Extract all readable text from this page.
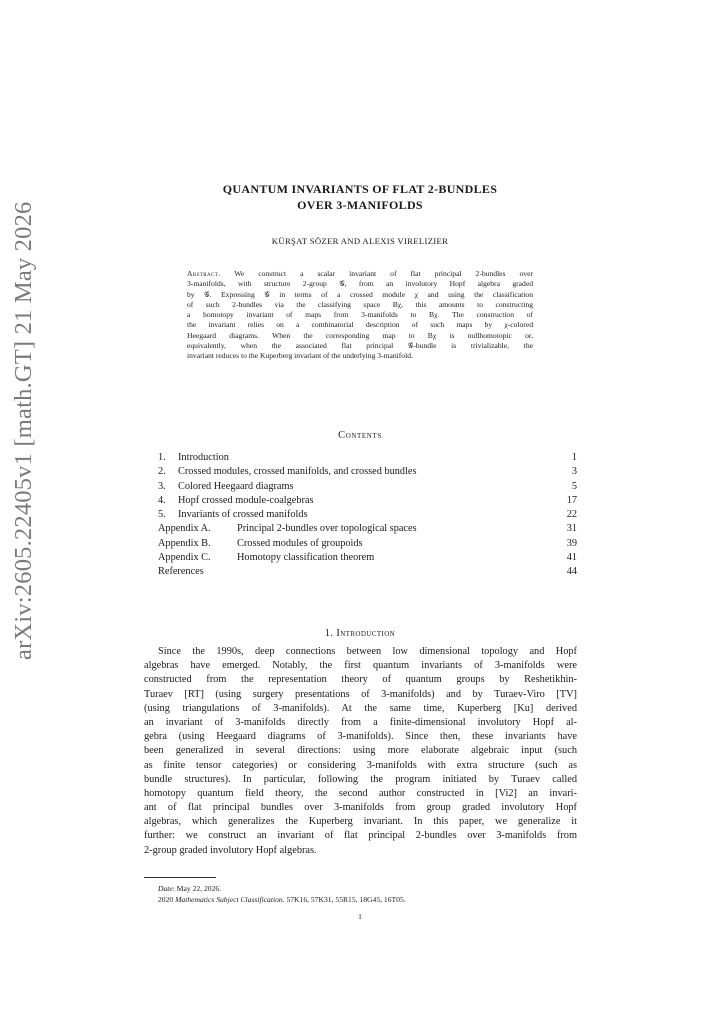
arXiv:2605.22405v1 [math.GT] 21 May 2026
QUANTUM INVARIANTS OF FLAT 2-BUNDLES
OVER 3-MANIFOLDS
KÜRŞAT SÖZER AND ALEXIS VIRELIZIER
Abstract. We construct a scalar invariant of flat principal 2-bundles over
3-manifolds, with structure 2-group 𝒢, from an involutory Hopf algebra graded
by 𝒢. Expressing 𝒢 in terms of a crossed module χ and using the classification
of such 2-bundles via the classifying space Bχ, this amounts to constructing
a homotopy invariant of maps from 3-manifolds to Bχ. The construction of
the invariant relies on a combinatorial description of such maps by χ-colored
Heegaard diagrams. When the corresponding map to Bχ is nullhomotopic or,
equivalently, when the associated flat principal 𝒢-bundle is trivializable, the
invariant reduces to the Kuperberg invariant of the underlying 3-manifold.
Contents
1. Introduction	1
2. Crossed modules, crossed manifolds, and crossed bundles	3
3. Colored Heegaard diagrams	5
4. Hopf crossed module-coalgebras	17
5. Invariants of crossed manifolds	22
Appendix A.	Principal 2-bundles over topological spaces	31
Appendix B.	Crossed modules of groupoids	39
Appendix C.	Homotopy classification theorem	41
References	44
1. Introduction
Since the 1990s, deep connections between low dimensional topology and Hopf
algebras have emerged. Notably, the first quantum invariants of 3-manifolds were
constructed from the representation theory of quantum groups by Reshetikhin-
Turaev [RT] (using surgery presentations of 3-manifolds) and by Turaev-Viro [TV]
(using triangulations of 3-manifolds). At the same time, Kuperberg [Ku] derived
an invariant of 3-manifolds directly from a finite-dimensional involutory Hopf al-
gebra (using Heegaard diagrams of 3-manifolds). Since then, these invariants have
been generalized in several directions: using more elaborate algebraic input (such
as finite tensor categories) or considering 3-manifolds with extra structure (such as
bundle structures). In particular, following the program initiated by Turaev called
homotopy quantum field theory, the second author constructed in [Vi2] an invari-
ant of flat principal bundles over 3-manifolds from group graded involutory Hopf
algebras, which generalizes the Kuperberg invariant. In this paper, we generalize it
further: we construct an invariant of flat principal 2-bundles over 3-manifolds from
2-group graded involutory Hopf algebras.
Date: May 22, 2026.
2020 Mathematics Subject Classification. 57K16, 57K31, 55R15, 18G45, 16T05.
1
